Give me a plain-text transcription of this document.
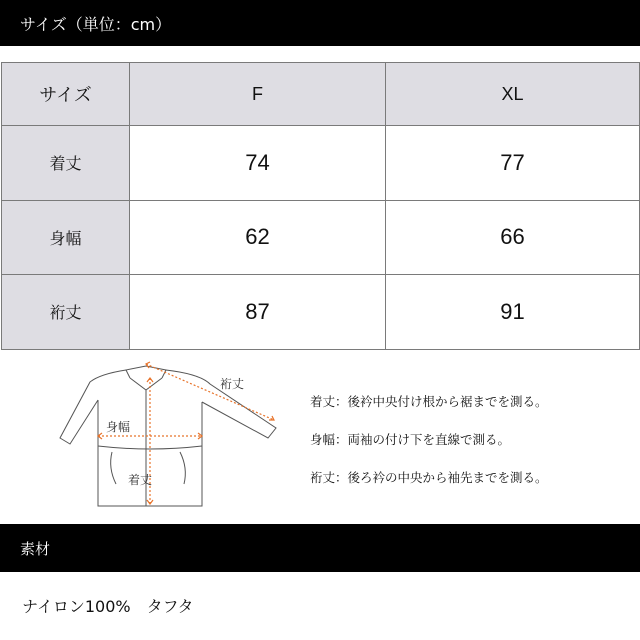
サイズ（単位：cm）
サイズ	F	XL
着丈	74	77
身幅	62	66
裄丈	87	91
裄丈
身幅
着丈
着丈：後衿中央付け根から裾までを測る。
身幅：両袖の付け下を直線で測る。
裄丈：後ろ衿の中央から袖先までを測る。
素材
ナイロン100%　タフタ
